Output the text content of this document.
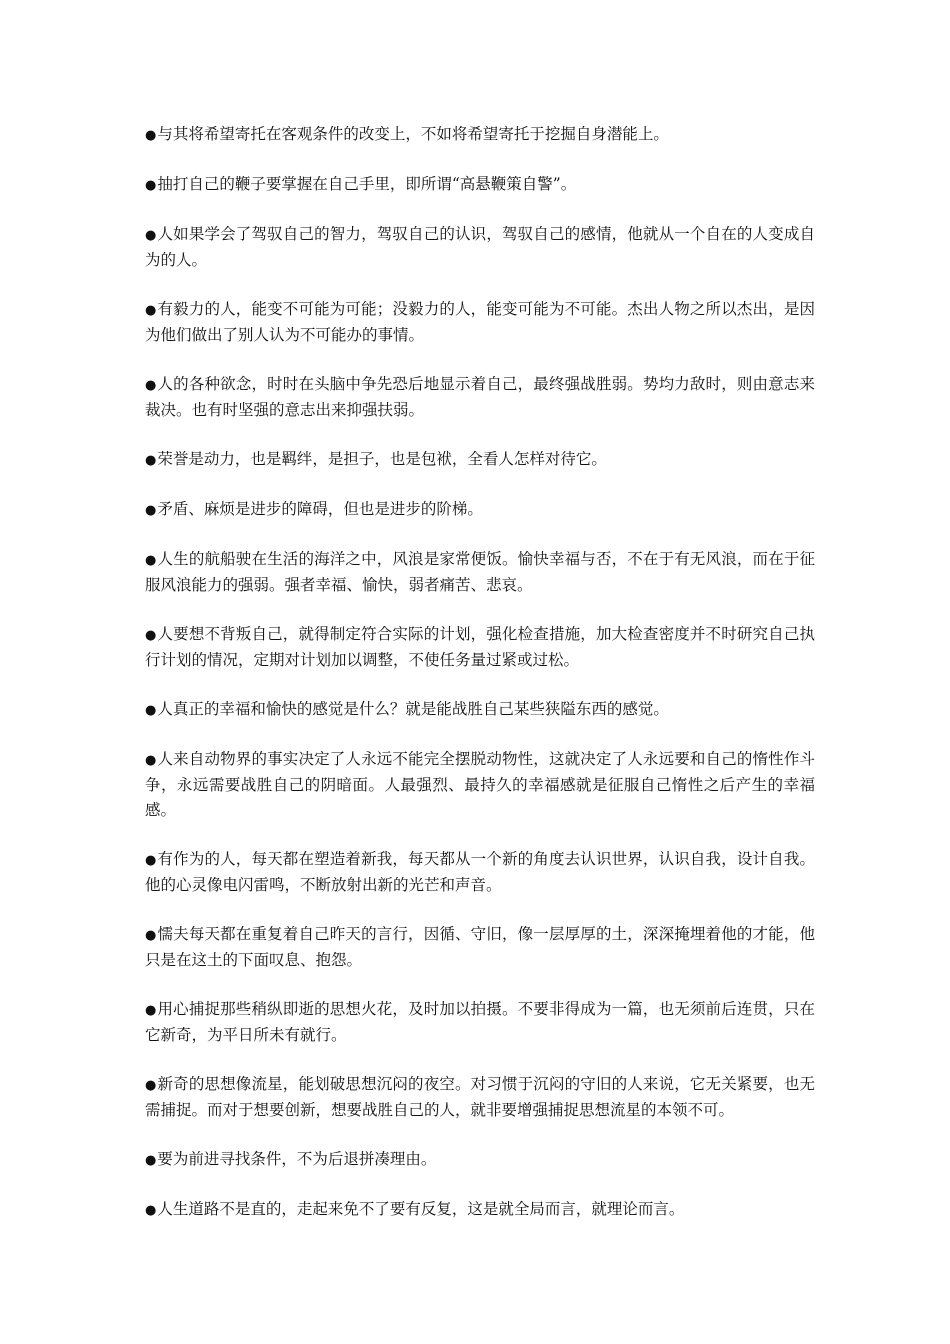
●与其将希望寄托在客观条件的改变上，不如将希望寄托于挖掘自身潜能上。

●抽打自己的鞭子要掌握在自己手里，即所谓“高悬鞭策自警”。

●人如果学会了驾驭自己的智力，驾驭自己的认识，驾驭自己的感情，他就从一个自在的人变成自为的人。

●有毅力的人，能变不可能为可能；没毅力的人，能变可能为不可能。杰出人物之所以杰出，是因为他们做出了别人认为不可能办的事情。

●人的各种欲念，时时在头脑中争先恐后地显示着自己，最终强战胜弱。势均力敌时，则由意志来裁决。也有时坚强的意志出来抑强扶弱。

●荣誉是动力，也是羁绊，是担子，也是包袱，全看人怎样对待它。

●矛盾、麻烦是进步的障碍，但也是进步的阶梯。

●人生的航船驶在生活的海洋之中，风浪是家常便饭。愉快幸福与否，不在于有无风浪，而在于征服风浪能力的强弱。强者幸福、愉快，弱者痛苦、悲哀。

●人要想不背叛自己，就得制定符合实际的计划，强化检查措施，加大检查密度并不时研究自己执行计划的情况，定期对计划加以调整，不使任务量过紧或过松。

●人真正的幸福和愉快的感觉是什么？就是能战胜自己某些狭隘东西的感觉。

●人来自动物界的事实决定了人永远不能完全摆脱动物性，这就决定了人永远要和自己的惰性作斗争，永远需要战胜自己的阴暗面。人最强烈、最持久的幸福感就是征服自己惰性之后产生的幸福感。

●有作为的人，每天都在塑造着新我，每天都从一个新的角度去认识世界，认识自我，设计自我。他的心灵像电闪雷鸣，不断放射出新的光芒和声音。

●懦夫每天都在重复着自己昨天的言行，因循、守旧，像一层厚厚的土，深深掩埋着他的才能，他只是在这土的下面叹息、抱怨。

●用心捕捉那些稍纵即逝的思想火花，及时加以拍摄。不要非得成为一篇，也无须前后连贯，只在它新奇，为平日所未有就行。

●新奇的思想像流星，能划破思想沉闷的夜空。对习惯于沉闷的守旧的人来说，它无关紧要，也无需捕捉。而对于想要创新，想要战胜自己的人，就非要增强捕捉思想流星的本领不可。

●要为前进寻找条件，不为后退拼凑理由。

●人生道路不是直的，走起来免不了要有反复，这是就全局而言，就理论而言。
